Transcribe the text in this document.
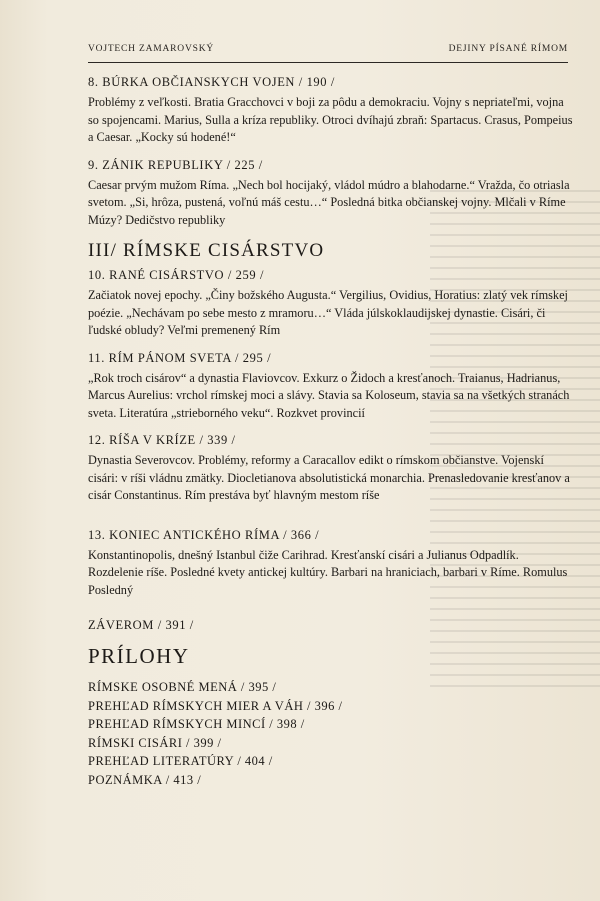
VOJTECH ZAMAROVSKÝ	DEJINY PÍSANÉ RÍMOM
8. BÚRKA OBČIANSKYCH VOJEN / 190 /

Problémy z veľkosti. Bratia Gracchovci v boji za pôdu a demokraciu. Vojny s nepriateľmi, vojna so spojencami. Marius, Sulla a kríza republiky. Otroci dvíhajú zbraň: Spartacus. Crasus, Pompeius a Caesar. „Kocky sú hodené!“

9. ZÁNIK REPUBLIKY / 225 /

Caesar prvým mužom Ríma. „Nech bol hocijaký, vládol múdro a blahodarne.“ Vražda, čo otriasla svetom. „Si, hrôza, pustená, voľnú máš cestu…“ Posledná bitka občianskej vojny. Mlčali v Ríme Múzy? Dedičstvo republiky

III/ RÍMSKE CISÁRSTVO
10. RANÉ CISÁRSTVO / 259 /

Začiatok novej epochy. „Činy božského Augusta.“ Vergilius, Ovidius, Horatius: zlatý vek rímskej poézie. „Nechávam po sebe mesto z mramoru…“ Vláda júlskoklaudijskej dynastie. Cisári, či ľudské obludy? Veľmi premenený Rím

11. RÍM PÁNOM SVETA / 295 /

„Rok troch cisárov“ a dynastia Flaviovcov. Exkurz o Židoch a kresťanoch. Traianus, Hadrianus, Marcus Aurelius: vrchol rímskej moci a slávy. Stavia sa Koloseum, stavia sa na všetkých stranách sveta. Literatúra „strieborného veku“. Rozkvet provincií

12. RÍŠA V KRÍZE / 339 /

Dynastia Severovcov. Problémy, reformy a Caracallov edikt o rímskom občianstve. Vojenskí cisári: v ríši vládnu zmätky. Diocletianova absolutistická monarchia. Prenasledovanie kresťanov a cisár Constantinus. Rím prestáva byť hlavným mestom ríše

13. KONIEC ANTICKÉHO RÍMA / 366 /

Konstantinopolis, dnešný Istanbul čiže Carihrad. Kresťanskí cisári a Julianus Odpadlík. Rozdelenie ríše. Posledné kvety antickej kultúry. Barbari na hraniciach, barbari v Ríme. Romulus Posledný

ZÁVEROM / 391 /
PRÍLOHY
RÍMSKE OSOBNÉ MENÁ / 395 /
PREHĽAD RÍMSKYCH MIER A VÁH / 396 /
PREHĽAD RÍMSKYCH MINCÍ / 398 /
RÍMSKI CISÁRI / 399 /
PREHĽAD LITERATÚRY / 404 /
POZNÁMKA / 413 /
